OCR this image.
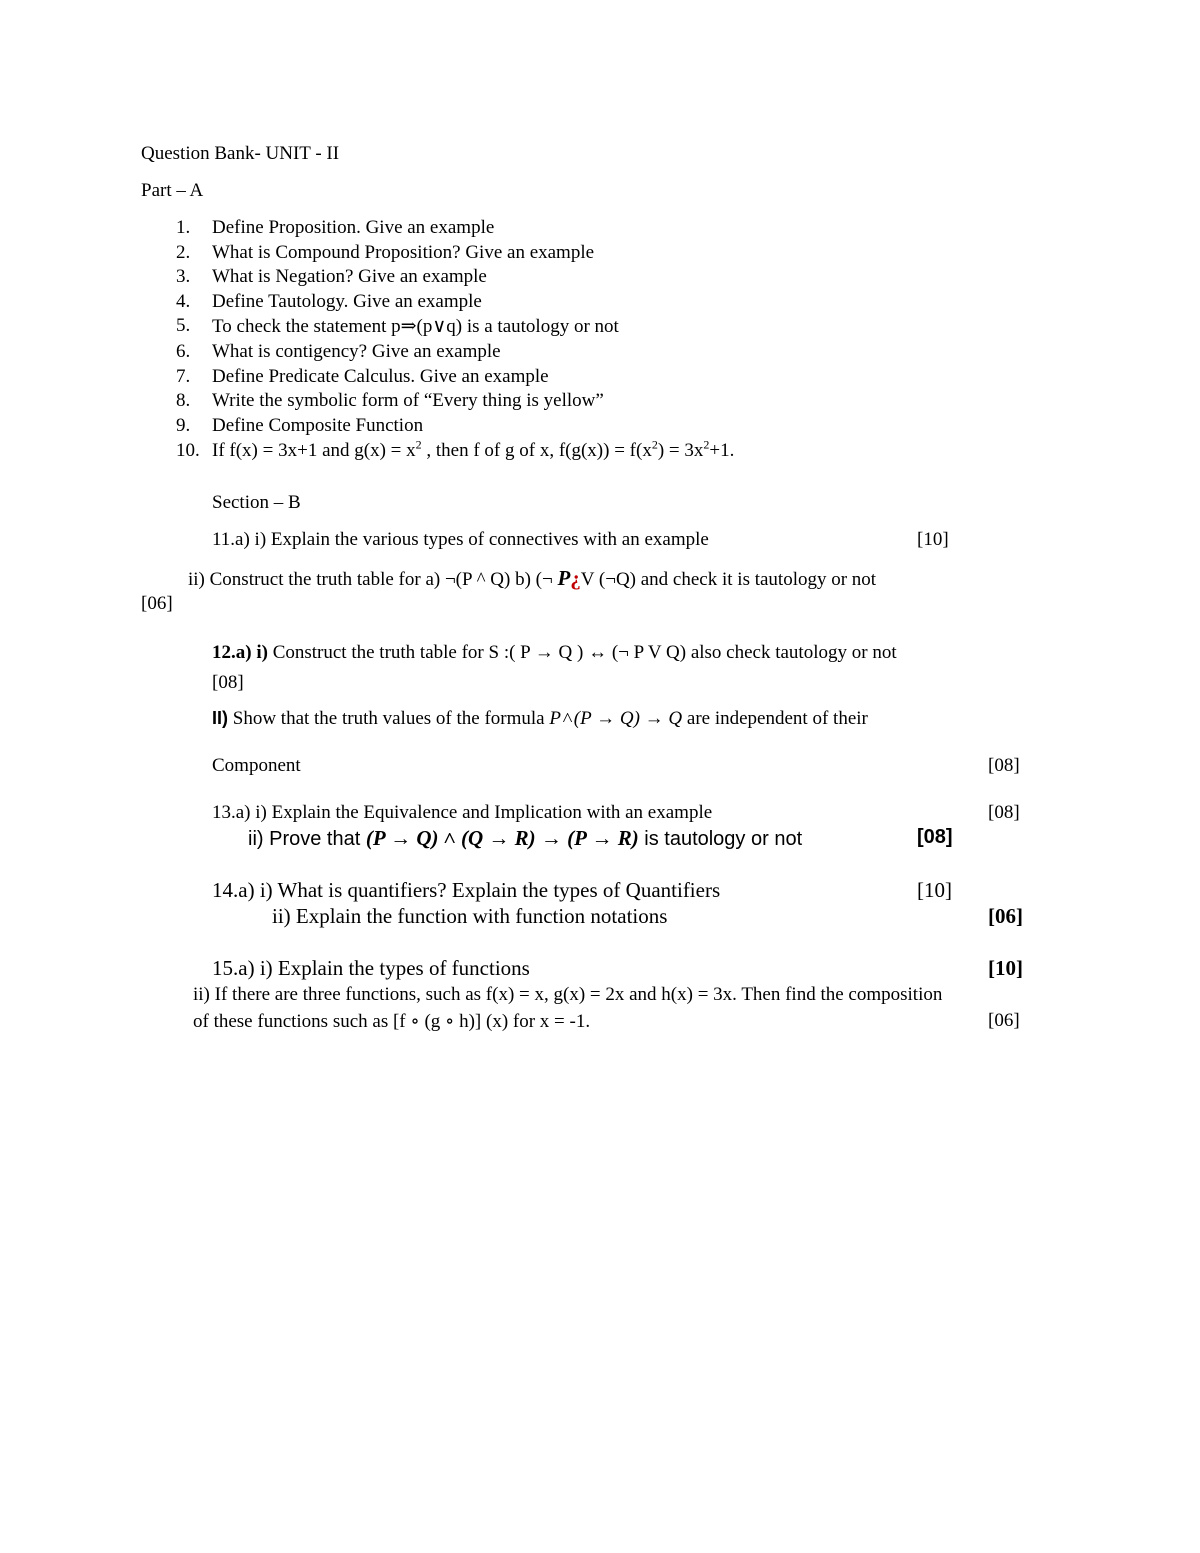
Question Bank- UNIT - II
Part – A
1.	Define Proposition. Give an example
2.	What is Compound Proposition? Give an example
3.	What is Negation? Give an example
4.	Define Tautology. Give an example
5.	To check the statement p⇒(p∨q) is a tautology or not
6.	What is contigency? Give an example
7.	Define Predicate Calculus. Give an example
8.	Write the symbolic form of “Every thing is yellow”
9.	Define Composite Function
10. If f(x) = 3x+1 and $g(x) = x^2$ , then f of g of x, $f(g(x)) = f(x^2) = 3x^2+1$.
Section – B
11.a) i) Explain the various types of connectives with an example	[10]
ii) Construct the truth table for a) ¬(P ^ Q) b) (¬ P¿V (¬Q) and check it is tautology or not
[06]
12.a) i) Construct the truth table for S :( P → Q ) ↔ (¬ P V Q) also check tautology or not
[08]
II) Show that the truth values of the formula P˄(P → Q) → Q are independent of their
Component	[08]
13.a) i) Explain the Equivalence and Implication with an example	[08]
ii) Prove that (P → Q) ˄ (Q → R) → (P → R) is tautology or not	[08]
14.a) i) What is quantifiers? Explain the types of Quantifiers	[10]
ii) Explain the function with function notations	[06]
15.a) i) Explain the types of functions	[10]
ii) If there are three functions, such as f(x) = x, g(x) = 2x and h(x) = 3x. Then find the composition
of these functions such as [f ∘ (g ∘ h)] (x) for x = -1.	[06]
